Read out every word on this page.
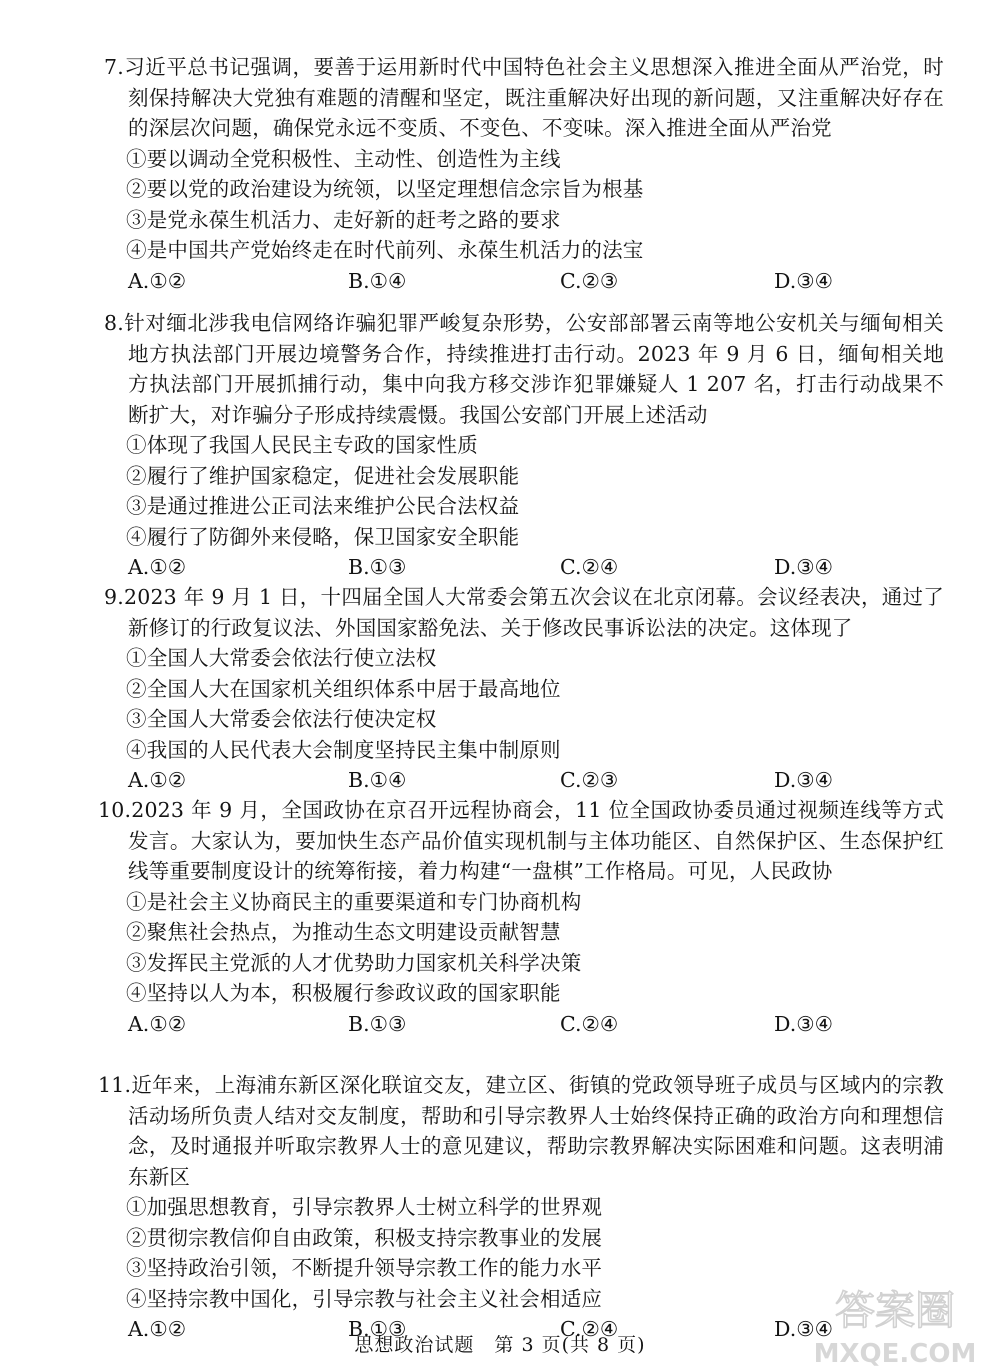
7.习近平总书记强调，要善于运用新时代中国特色社会主义思想深入推进全面从严治党，时刻保持解决大党独有难题的清醒和坚定，既注重解决好出现的新问题，又注重解决好存在的深层次问题，确保党永远不变质、不变色、不变味。深入推进全面从严治党

①要以调动全党积极性、主动性、创造性为主线

②要以党的政治建设为统领，以坚定理想信念宗旨为根基

③是党永葆生机活力、走好新的赶考之路的要求

④是中国共产党始终走在时代前列、永葆生机活力的法宝

A.①②	B.①④	C.②③	D.③④

8.针对缅北涉我电信网络诈骗犯罪严峻复杂形势，公安部部署云南等地公安机关与缅甸相关地方执法部门开展边境警务合作，持续推进打击行动。2023 年 9 月 6 日，缅甸相关地方执法部门开展抓捕行动，集中向我方移交涉诈犯罪嫌疑人 1 207 名，打击行动战果不断扩大，对诈骗分子形成持续震慑。我国公安部门开展上述活动

①体现了我国人民民主专政的国家性质

②履行了维护国家稳定，促进社会发展职能

③是通过推进公正司法来维护公民合法权益

④履行了防御外来侵略，保卫国家安全职能

A.①②	B.①③	C.②④	D.③④

9.2023 年 9 月 1 日，十四届全国人大常委会第五次会议在北京闭幕。会议经表决，通过了新修订的行政复议法、外国国家豁免法、关于修改民事诉讼法的决定。这体现了

①全国人大常委会依法行使立法权

②全国人大在国家机关组织体系中居于最高地位

③全国人大常委会依法行使决定权

④我国的人民代表大会制度坚持民主集中制原则

A.①②	B.①④	C.②③	D.③④

10.2023 年 9 月，全国政协在京召开远程协商会，11 位全国政协委员通过视频连线等方式发言。大家认为，要加快生态产品价值实现机制与主体功能区、自然保护区、生态保护红线等重要制度设计的统筹衔接，着力构建“一盘棋”工作格局。可见，人民政协

①是社会主义协商民主的重要渠道和专门协商机构

②聚焦社会热点，为推动生态文明建设贡献智慧

③发挥民主党派的人才优势助力国家机关科学决策

④坚持以人为本，积极履行参政议政的国家职能

A.①②	B.①③	C.②④	D.③④

11.近年来，上海浦东新区深化联谊交友，建立区、街镇的党政领导班子成员与区域内的宗教活动场所负责人结对交友制度，帮助和引导宗教界人士始终保持正确的政治方向和理想信念，及时通报并听取宗教界人士的意见建议，帮助宗教界解决实际困难和问题。这表明浦东新区

①加强思想教育，引导宗教界人士树立科学的世界观

②贯彻宗教信仰自由政策，积极支持宗教事业的发展

③坚持政治引领，不断提升领导宗教工作的能力水平

④坚持宗教中国化，引导宗教与社会主义社会相适应

A.①②	B.①③	C.②④	D.③④
思想政治试题　第 3 页(共 8 页)
答案圈
MXQE.COM
